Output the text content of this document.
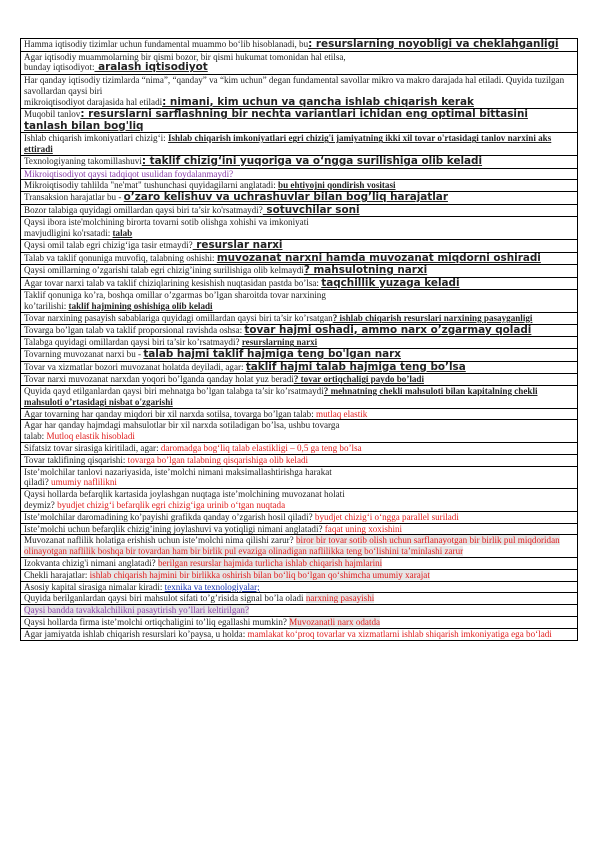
Hamma iqtisodiy tizimlar uchun fundamental muammo bo‘lib hisoblanadi, bu: resurslarning noyobligi va cheklahganligi
Agar iqtisodiy muammolarning bir qismi bozor, bir qismi hukumat tomonidan hal etilsa,
bunday iqtisodiyot: aralash iqtisodiyot
Har qanday iqtisodiy tizimlarda “nima”, “qanday” va “kim uchun” degan fundamental savollar mikro va makro darajada hal etiladi. Quyida tuzilgan savollardan qaysi biri
mikroiqtisodiyot darajasida hal etiladi: nimani, kim uchun va qancha ishlab chiqarish kerak
Muqobil tanlov: resurslarni sarflashning bir nechta variantlari ichidan eng optimal bittasini tanlash bilan bog'liq
Ishlab chiqarish imkoniyatlari chizig‘i: Ishlab chiqarish imkoniyatlari egri chizig'i jamiyatning ikki xil tovar o'rtasidagi tanlov narxini aks ettiradi
Texnologiyaning takomillashuvi: taklif chizig‘ini yuqoriga va o‘ngga surilishiga olib keladi
Mikroiqtisodiyot qaysi tadqiqot usulidan foydalanmaydi?
Mikroiqtisodiy tahlilda "ne'mat" tushunchasi quyidagilarni anglatadi: bu ehtiyojni qondirish vositasi
Transaksion harajatlar bu - o’zaro kelishuv va uchrashuvlar bilan bog’liq harajatlar
Bozor talabiga quyidagi omillardan qaysi biri ta’sir ko'rsatmaydi? sotuvchilar soni
Qaysi ibora iste'molchining birorta tovarni sotib olishga xohishi va imkoniyati
mavjudligini ko'rsatadi: talab
Qaysi omil talab egri chizig‘iga tasir etmaydi? resurslar narxi
Talab va taklif qonuniga muvofiq, talabning oshishi: muvozanat narxni hamda muvozanat miqdorni oshiradi
Qaysi omillarning o’zgarishi talab egri chizig’ining surilishiga olib kelmaydi? mahsulotning narxi
Agar tovar narxi talab va taklif chiziqlarining kesishish nuqtasidan pastda bo’lsa: taqchillik yuzaga keladi
Taklif qonuniga ko’ra, boshqa omillar o’zgarmas bo’lgan sharoitda tovar narxining
ko’tarilishi: taklif hajmining oshishiga olib keladi
Tovar narxining pasayish sabablariga quyidagi omillardan qaysi biri ta’sir ko’rsatgan? ishlab chiqarish resurslari narxining pasayganligi
Tovarga bo’lgan talab va taklif proporsional ravishda oshsa: tovar hajmi oshadi, ammo narx o’zgarmay qoladi
Talabga quyidagi omillardan qaysi biri ta’sir ko’rsatmaydi? resurslarning narxi
Tovarning muvozanat narxi bu - talab hajmi taklif hajmiga teng bo'lgan narx
Tovar va xizmatlar bozori muvozanat holatda deyiladi, agar: taklif hajmi talab hajmiga teng bo’lsa
Tovar narxi muvozanat narxdan yoqori bo’lganda qanday holat yuz beradi? tovar ortiqchaligi paydo bo’ladi
Quyida qayd etilganlardan qaysi biri mehnatga bo’lgan talabga ta’sir ko’rsatmaydi? mehnatning chekli mahsuloti bilan kapitalning chekli mahsuloti o’rtasidagi nisbat o'zgarishi
Agar tovarning har qanday miqdori bir xil narxda sotilsa, tovarga bo’lgan talab: mutlaq elastik
Agar har qanday hajmdagi mahsulotlar bir xil narxda sotiladigan bo’lsa, ushbu tovarga
talab: Mutloq elastik hisobladi
Sifatsiz tovar sirasiga kiritiladi, agar: daromadga bog‘liq talab elastikligi – 0,5 ga teng bo’lsa
Tovar taklifining qisqarishi: tovarga bo’lgan talabning qisqarishiga olib keladi
Iste’molchilar tanlovi nazariyasida, iste’molchi nimani maksimallashtirishga harakat
qiladi? umumiy naflilikni
Qaysi hollarda befarqlik kartasida joylashgan nuqtaga iste’molchining muvozanat holati
deymiz? byudjet chizig‘i befarqlik egri chizig‘iga urinib o‘tgan nuqtada
Iste’molchilar daromadining ko’payishi grafikda qanday o’zgarish hosil qiladi? byudjet chizig‘i o‘ngga parallel suriladi
Iste’molchi uchun befarqlik chizig’ining joylashuvi va yotiqligi nimani anglatadi? faqat uning xoxishini
Muvozanat naflilik holatiga erishish uchun iste’molchi nima qilishi zarur? biror bir tovar sotib olish uchun sarflanayotgan bir birlik pul miqdoridan olinayotgan naflilik boshqa bir tovardan ham bir birlik pul evaziga olinadigan naflilikka teng bo‘lishini ta’minlashi zarur
Izokvanta chizig'i nimani anglatadi? berilgan resurslar hajmida turlicha ishlab chiqarish hajmlarini
Chekli harajatlar: ishlab chiqarish hajmini bir birlikka oshirish bilan bo‘liq bo‘lgan qo‘shimcha umumiy xarajat
Asosiy kapital sirasiga nimalar kiradi: texnika va texnologiyalar;
Quyida berilganlardan qaysi biri mahsulot sifati to’g’risida signal bo’la oladi narxning pasayishi
Qaysi bandda tavakkalchilikni pasaytirish yo’llari keltirilgan?
Qaysi hollarda firma iste’molchi ortiqchaligini to’liq egallashi mumkin? Muvozanatli narx odatda
Agar jamiyatda ishlab chiqarish resurslari ko’paysa, u holda: mamlakat ko‘proq tovarlar va xizmatlarni ishlab shiqarish imkoniyatiga ega bo‘ladi
